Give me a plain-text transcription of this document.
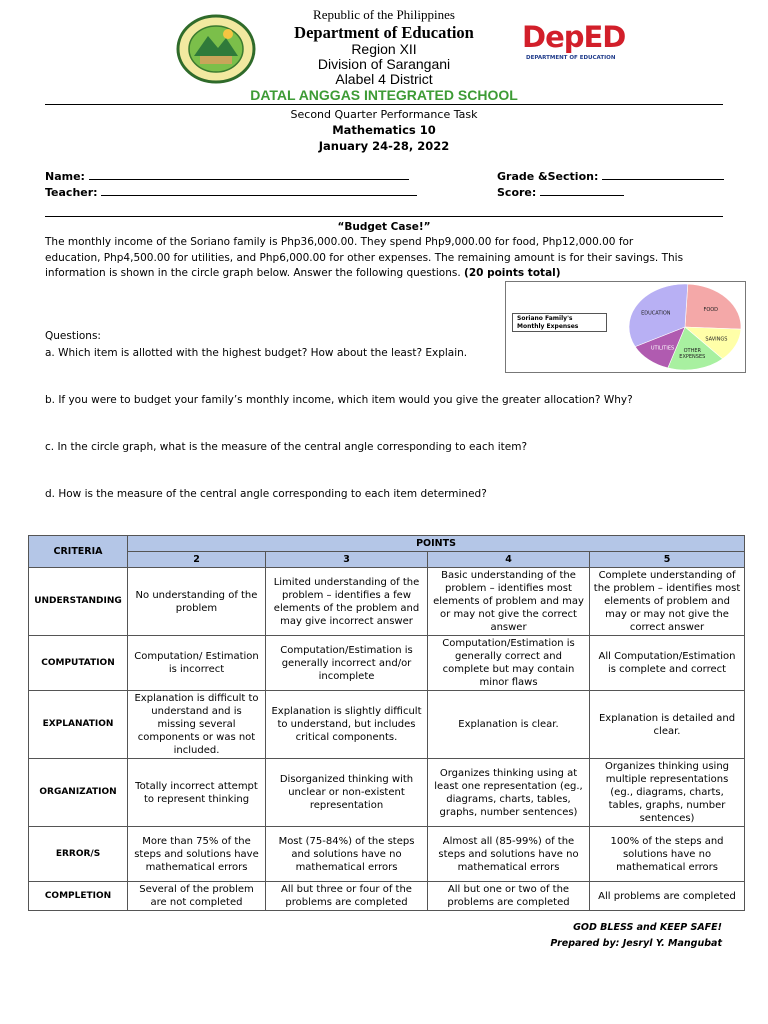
DepED
DEPARTMENT OF EDUCATION
Republic of the Philippines
Department of Education
Region XII
Division of Sarangani
Alabel 4 District
DATAL ANGGAS INTEGRATED SCHOOL
Second Quarter Performance Task
Mathematics 10
January 24-28, 2022
Name:
Teacher:
Grade &Section:
Score:
“Budget Case!”
The monthly income of the Soriano family is Php36,000.00. They spend Php9,000.00 for food, Php12,000.00 for
education, Php4,500.00 for utilities, and Php6,000.00 for other expenses. The remaining amount is for their savings. This
information is shown in the circle graph below. Answer the following questions. (20 points total)
Soriano Family's Monthly Expenses
FOOD
SAVINGS
OTHER
EXPENSES
UTILITIES
EDUCATION
Questions:
a. Which item is allotted with the highest budget? How about the least? Explain.
b. If you were to budget your family’s monthly income, which item would you give the greater allocation? Why?
c. In the circle graph, what is the measure of the central angle corresponding to each item?
d. How is the measure of the central angle corresponding to each item determined?
CRITERIA	POINTS			
	2	3	4	5
UNDERSTANDING	No understanding of the problem	Limited understanding of the problem – identifies a few elements of the problem and may give incorrect answer	Basic understanding of the problem – identifies most elements of problem and may or may not give the correct answer	Complete understanding of the problem – identifies most elements of problem and may or may not give the correct answer
COMPUTATION	Computation/ Estimation is incorrect	Computation/Estimation is generally incorrect and/or incomplete	Computation/Estimation is generally correct and complete but may contain minor flaws	All Computation/Estimation is complete and correct
EXPLANATION	Explanation is difficult to understand and is missing several components or was not included.	Explanation is slightly difficult to understand, but includes critical components.	Explanation is clear.	Explanation is detailed and clear.
ORGANIZATION	Totally incorrect attempt to represent thinking	Disorganized thinking with unclear or non-existent representation	Organizes thinking using at least one representation (eg., diagrams, charts, tables, graphs, number sentences)	Organizes thinking using multiple representations (eg., diagrams, charts, tables, graphs, number sentences)
ERROR/S	More than 75% of the steps and solutions have mathematical errors	Most (75-84%) of the steps and solutions have no mathematical errors	Almost all (85-99%) of the steps and solutions have no mathematical errors	100% of the steps and solutions have no mathematical errors
COMPLETION	Several of the problem are not completed	All but three or four of the problems are completed	All but one or two of the problems are completed	All problems are completed
GOD BLESS and KEEP SAFE!
Prepared by: Jesryl Y. Mangubat
